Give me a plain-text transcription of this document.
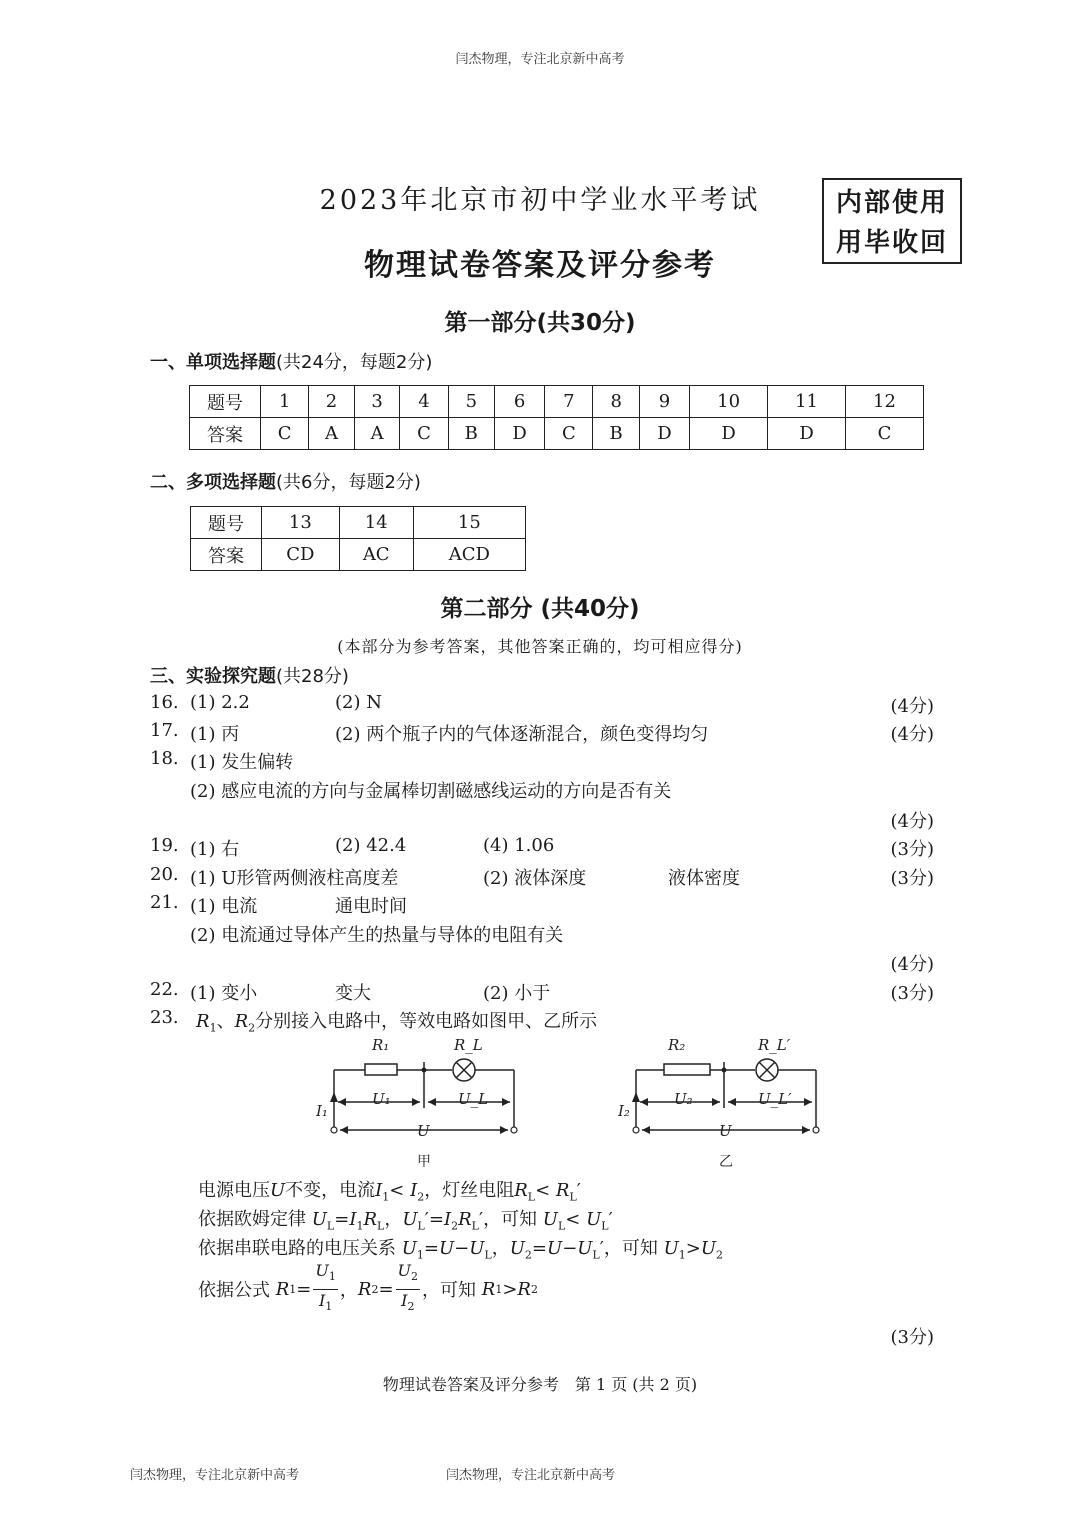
闫杰物理，专注北京新中高考
闫杰物理，专注北京新中高考	闫杰物理，专注北京新中高考
2023年北京市初中学业水平考试
物理试卷答案及评分参考
内部使用
用毕收回
第一部分(共30分)
一、单项选择题(共24分，每题2分)
题号	1	2	3	4	5	6	7	8	9	10	11	12
答案	C	A	A	C	B	D	C	B	D	D	D	C
二、多项选择题(共6分，每题2分)
题号	13	14	15
答案	CD	AC	ACD
第二部分 (共40分)
(本部分为参考答案，其他答案正确的，均可相应得分)
三、实验探究题(共28分)
16. (1) 2.2	(2) N	(4分)
17. (1) 丙	(2) 两个瓶子内的气体逐渐混合，颜色变得均匀	(4分)
18. (1) 发生偏转
(2) 感应电流的方向与金属棒切割磁感线运动的方向是否有关
(4分)
19. (1) 右	(2) 42.4	(4) 1.06	(3分)
20. (1) U形管两侧液柱高度差	(2) 液体深度	液体密度	(3分)
21. (1) 电流	通电时间
(2) 电流通过导体产生的热量与导体的电阻有关
(4分)
22. (1) 变小	变大	(2) 小于	(3分)
23. $R_1$、$R_2$分别接入电路中，等效电路如图甲、乙所示
R₁	R_L
U₁	U_L
I₁
U
甲
R₂	R_L′
U₂	U_L′
I₂
U
乙
电源电压U不变，电流$I_1< I_2$，灯丝电阻$R_L< R_L'$
依据欧姆定律 $U_L=I_1R_L$，$U_L'=I_2R_L'$，可知 $U_L< U_L'$
依据串联电路的电压关系 $U_1=U-U_L$，$U_2=U-U_L'$，可知 $U_1>U_2$
依据公式
R $1 = \frac{U_1}{I_1}$ ， R $2 = \frac{U_2}{I_2}$ ，可知
R 1 > R 2
(3分)
物理试卷答案及评分参考　第 1 页 (共 2 页)
